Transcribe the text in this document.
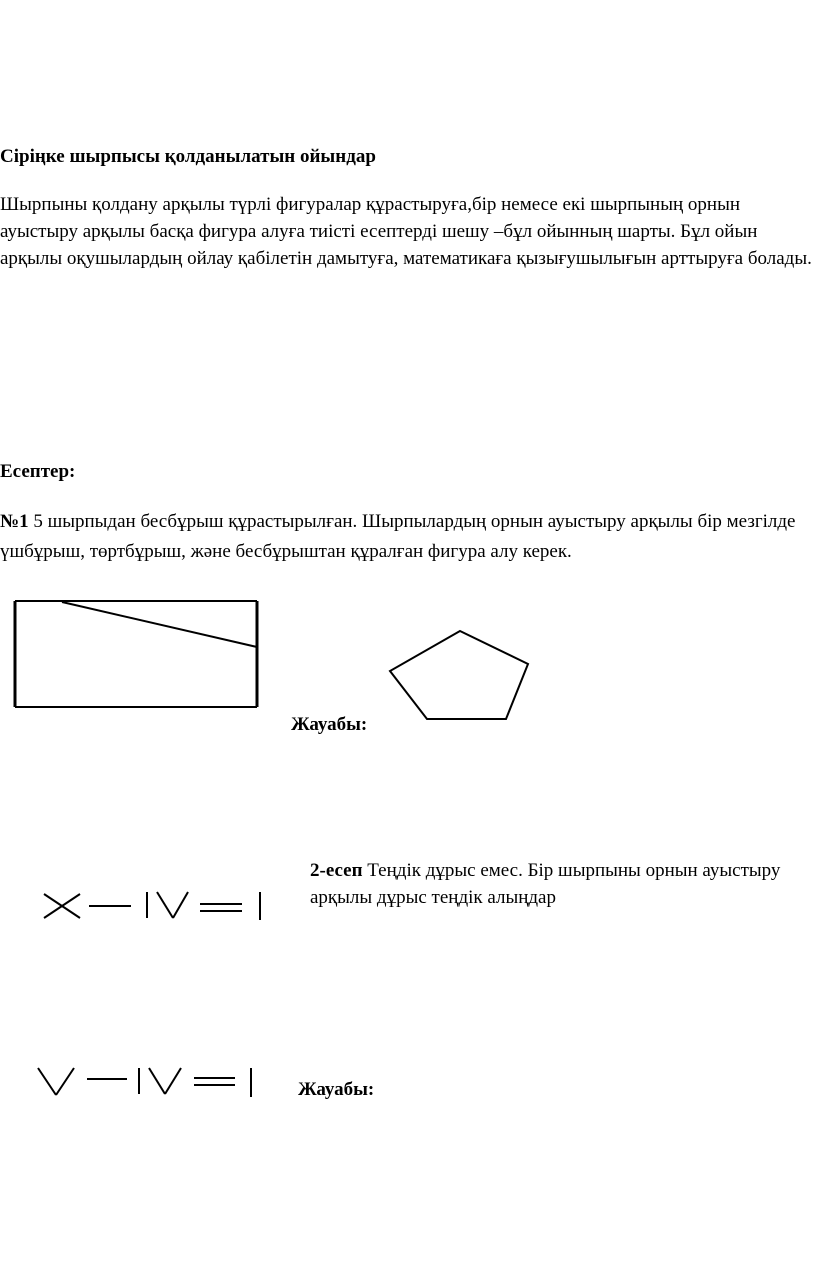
Сіріңке шырпысы қолданылатын ойындар
Шырпыны қолдану арқылы түрлі фигуралар құрастыруға,бір немесе екі шырпының орнын ауыстыру арқылы басқа фигура алуға тиісті есептерді шешу –бұл ойынның шарты. Бұл ойын арқылы оқушылардың ойлау қабілетін дамытуға, математикаға қызығушылығын арттыруға болады.
Есептер:
№1 5 шырпыдан бесбұрыш құрастырылған. Шырпылардың орнын ауыстыру арқылы бір мезгілде үшбұрыш, төртбұрыш, және бесбұрыштан құралған фигура алу керек.
Жауабы:
2-есеп Теңдік дұрыс емес. Бір шырпыны орнын ауыстыру арқылы дұрыс теңдік алыңдар
Жауабы:
